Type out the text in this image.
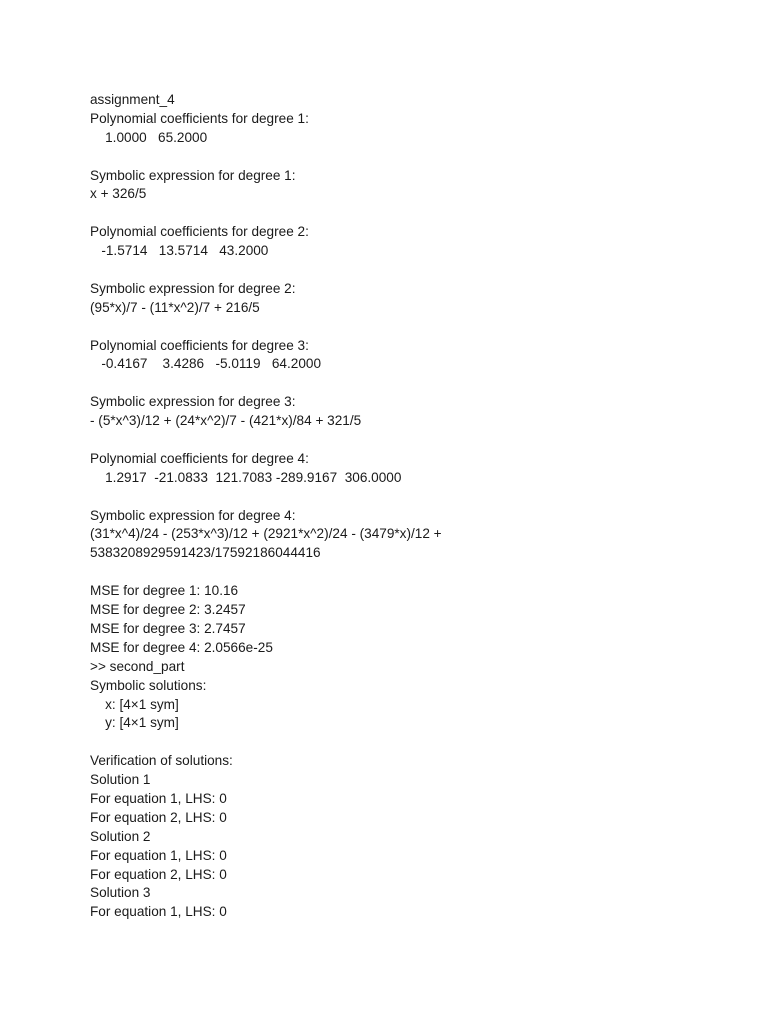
assignment_4
Polynomial coefficients for degree 1:
1.0000   65.2000
Symbolic expression for degree 1:
x + 326/5
Polynomial coefficients for degree 2:
-1.5714   13.5714   43.2000
Symbolic expression for degree 2:
(95*x)/7 - (11*x^2)/7 + 216/5
Polynomial coefficients for degree 3:
-0.4167    3.4286   -5.0119   64.2000
Symbolic expression for degree 3:
- (5*x^3)/12 + (24*x^2)/7 - (421*x)/84 + 321/5
Polynomial coefficients for degree 4:
1.2917  -21.0833  121.7083 -289.9167  306.0000
Symbolic expression for degree 4:
(31*x^4)/24 - (253*x^3)/12 + (2921*x^2)/24 - (3479*x)/12 +
5383208929591423/17592186044416
MSE for degree 1: 10.16
MSE for degree 2: 3.2457
MSE for degree 3: 2.7457
MSE for degree 4: 2.0566e-25
>> second_part
Symbolic solutions:
x: [4×1 sym]
y: [4×1 sym]
Verification of solutions:
Solution 1
For equation 1, LHS: 0
For equation 2, LHS: 0
Solution 2
For equation 1, LHS: 0
For equation 2, LHS: 0
Solution 3
For equation 1, LHS: 0
